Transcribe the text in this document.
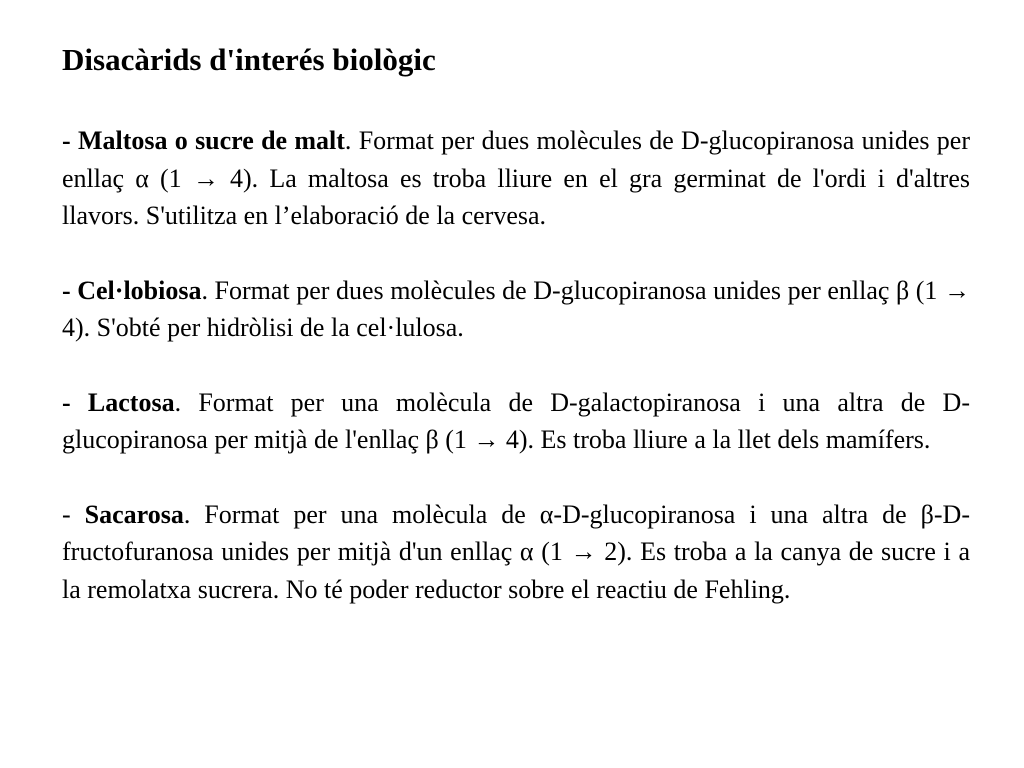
Disacàrids d'interés biològic

- Maltosa o sucre de malt. Format per dues molècules de D-glucopiranosa unides per enllaç α (1 → 4). La maltosa es troba lliure en el gra germinat de l'ordi i d'altres llavors. S'utilitza en l’elaboració de la cervesa.

- Cel·lobiosa. Format per dues molècules de D-glucopiranosa unides per enllaç β (1 → 4). S'obté per hidròlisi de la cel·lulosa.

- Lactosa. Format per una molècula de D-galactopiranosa i una altra de D-glucopiranosa per mitjà de l'enllaç β (1 → 4). Es troba lliure a la llet dels mamífers.

- Sacarosa. Format per una molècula de α-D-glucopiranosa i una altra de β-D-fructofuranosa unides per mitjà d'un enllaç α (1 → 2). Es troba a la canya de sucre i a la remolatxa sucrera. No té poder reductor sobre el reactiu de Fehling.
